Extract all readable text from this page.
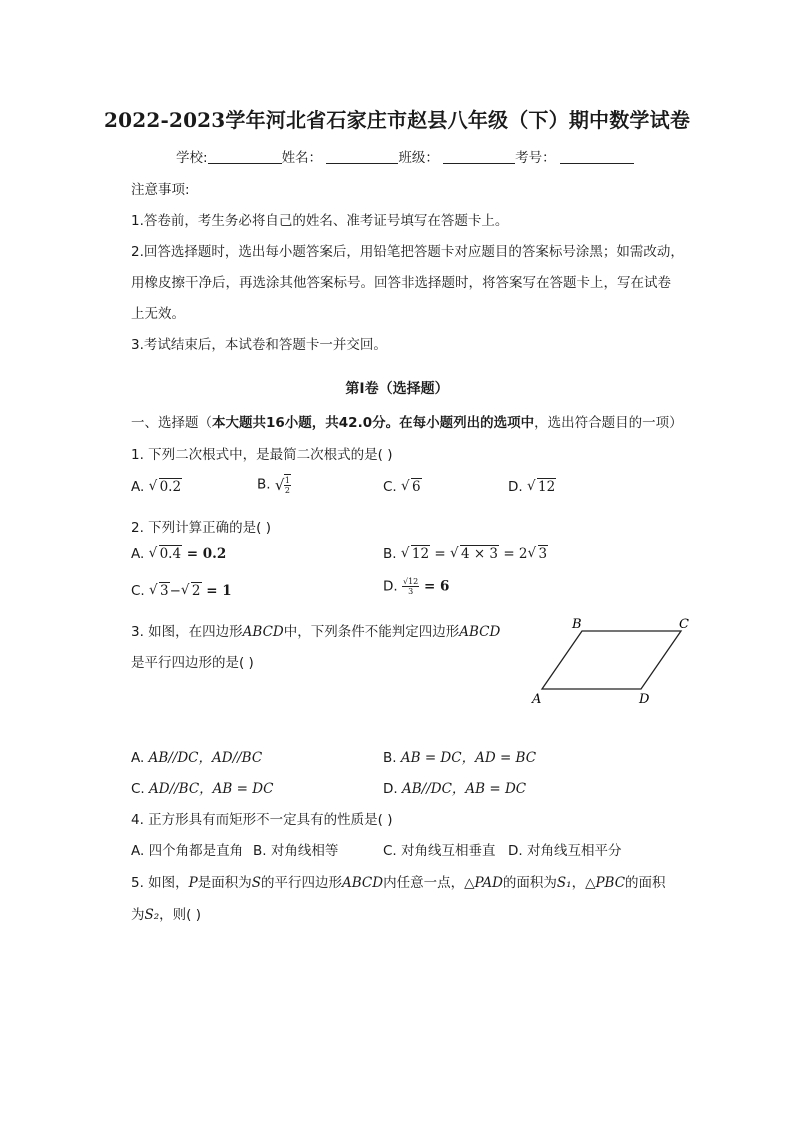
2022-2023学年河北省石家庄市赵县八年级（下）期中数学试卷
学校:	姓名：	班级：	考号：
注意事项:
1.答卷前，考生务必将自己的姓名、准考证号填写在答题卡上。
2.回答选择题时，选出每小题答案后，用铅笔把答题卡对应题目的答案标号涂黑；如需改动，
用橡皮擦干净后，再选涂其他答案标号。回答非选择题时，将答案写在答题卡上，写在试卷
上无效。
3.考试结束后，本试卷和答题卡一并交回。
第Ⅰ卷（选择题）
一、选择题（本大题共16小题，共42.0分。在每小题列出的选项中，选出符合题目的一项）
1. 下列二次根式中，是最简二次根式的是( )
A. √ 0.2	B. √ $\frac{1}{2}$	C. √ 6	D. √ 12
2. 下列计算正确的是( )
A. √ 0.4 = 0.2	B. √ 12 = √ 4 × 3 = 2 √ 3
C. √ 3− √ 2 = 1	D. $\frac{√12}{3} = 6$
3. 如图，在四边形ABCD中，下列条件不能判定四边形ABCD
是平行四边形的是( )
A
B	C
D
A. AB//DC，AD//BC	B. AB = DC，AD = BC
C. AD//BC，AB = DC	D. AB//DC，AB = DC
4. 正方形具有而矩形不一定具有的性质是( )
A. 四个角都是直角 B. 对角线相等	C. 对角线互相垂直 D. 对角线互相平分
5. 如图，P是面积为S的平行四边形ABCD内任意一点，△PAD的面积为S₁，△PBC的面积
为S₂，则( )
